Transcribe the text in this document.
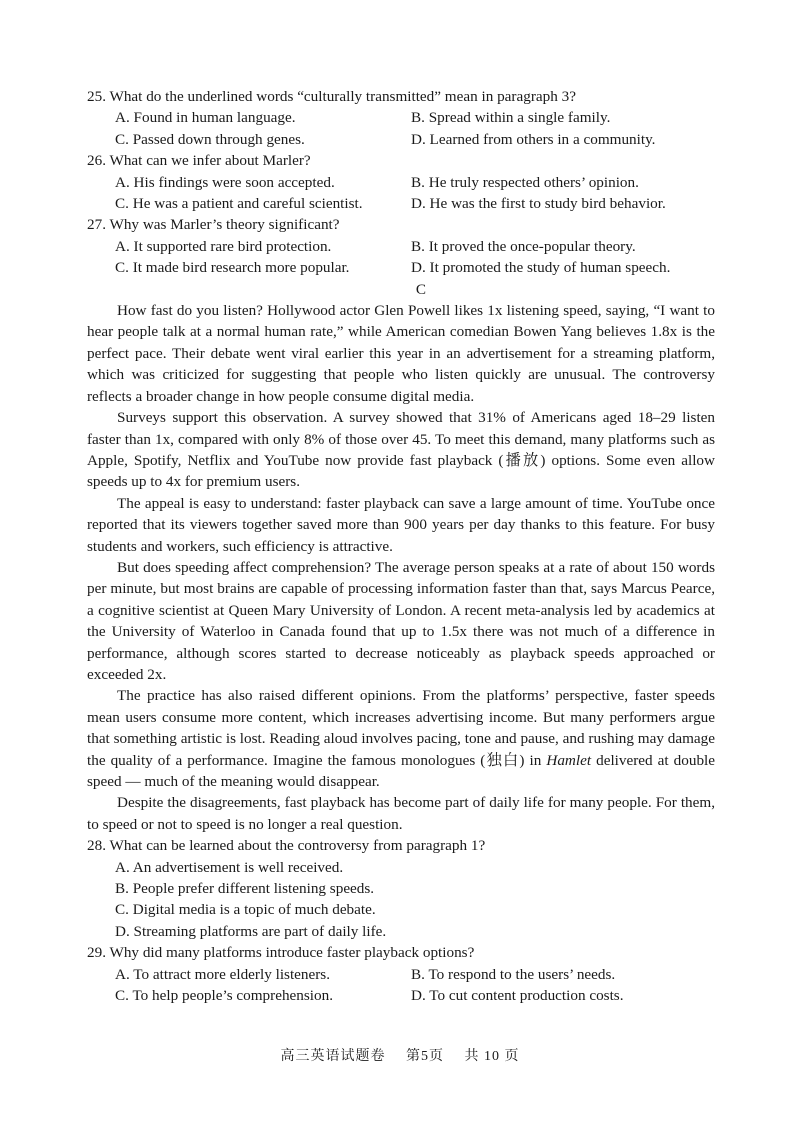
25. What do the underlined words “culturally transmitted” mean in paragraph 3?

A. Found in human language.	B. Spread within a single family.
C. Passed down through genes.	D. Learned from others in a community.

26. What can we infer about Marler?

A. His findings were soon accepted.	B. He truly respected others’ opinion.
C. He was a patient and careful scientist.	D. He was the first to study bird behavior.

27. Why was Marler’s theory significant?

A. It supported rare bird protection.	B. It proved the once-popular theory.
C. It made bird research more popular.	D. It promoted the study of human speech.

C

How fast do you listen? Hollywood actor Glen Powell likes 1x listening speed, saying, “I want to hear people talk at a normal human rate,” while American comedian Bowen Yang believes 1.8x is the perfect pace. Their debate went viral earlier this year in an advertisement for a streaming platform, which was criticized for suggesting that people who listen quickly are unusual. The controversy reflects a broader change in how people consume digital media.

Surveys support this observation. A survey showed that 31% of Americans aged 18–29 listen faster than 1x, compared with only 8% of those over 45. To meet this demand, many platforms such as Apple, Spotify, Netflix and YouTube now provide fast playback (播放) options. Some even allow speeds up to 4x for premium users.

The appeal is easy to understand: faster playback can save a large amount of time. YouTube once reported that its viewers together saved more than 900 years per day thanks to this feature. For busy students and workers, such efficiency is attractive.

But does speeding affect comprehension? The average person speaks at a rate of about 150 words per minute, but most brains are capable of processing information faster than that, says Marcus Pearce, a cognitive scientist at Queen Mary University of London. A recent meta-analysis led by academics at the University of Waterloo in Canada found that up to 1.5x there was not much of a difference in performance, although scores started to decrease noticeably as playback speeds approached or exceeded 2x.

The practice has also raised different opinions. From the platforms’ perspective, faster speeds mean users consume more content, which increases advertising income. But many performers argue that something artistic is lost. Reading aloud involves pacing, tone and pause, and rushing may damage the quality of a performance. Imagine the famous monologues (独白) in Hamlet delivered at double speed — much of the meaning would disappear.

Despite the disagreements, fast playback has become part of daily life for many people. For them, to speed or not to speed is no longer a real question.

28. What can be learned about the controversy from paragraph 1?

A. An advertisement is well received.
B. People prefer different listening speeds.
C. Digital media is a topic of much debate.
D. Streaming platforms are part of daily life.

29. Why did many platforms introduce faster playback options?

A. To attract more elderly listeners.	B. To respond to the users’ needs.
C. To help people’s comprehension.	D. To cut content production costs.
高三英语试题卷 第5页 共 10 页
